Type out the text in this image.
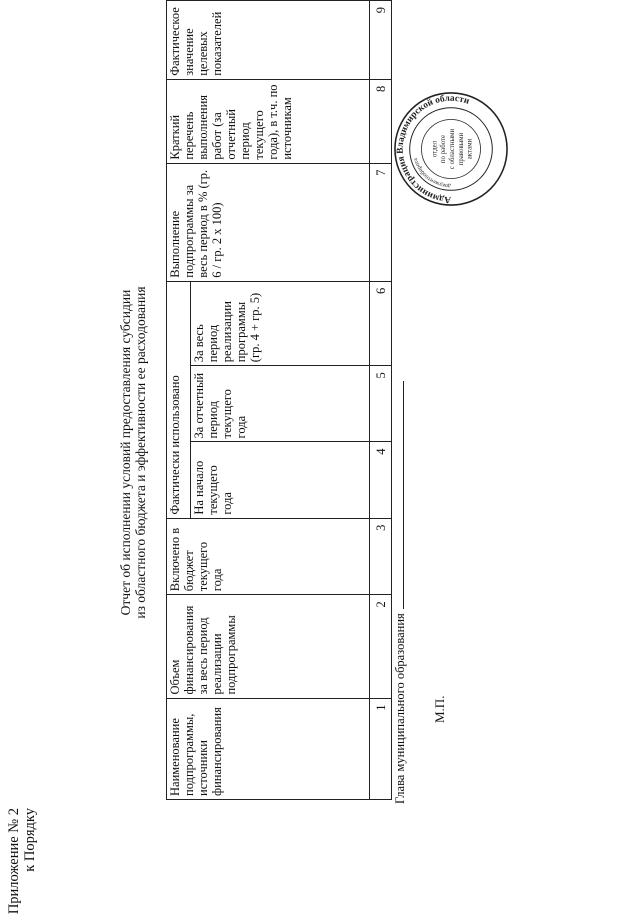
Приложение № 2 к Порядку
Отчет об исполнении условий предоставления субсидии из областного бюджета и эффективности ее расходования
Наименование подпрограммы, источники финансирования	Объем финансирования за весь период реализации подпрограммы	Включено в бюджет текущего года	Фактически использовано			Выполнение подпрограммы за весь период в % (гр. 6 / гр. 2 х 100)	Краткий перечень выполнения работ (за отчетный период текущего года), в т.ч. по источникам	Фактическое значение целевых показателей
			На начало текущего года	За отчетный период текущего года	За весь период реализации программы (гр. 4 + гр. 5)			
1	2	3	4	5	6	7	8	9
Глава муниципального образования М.П.
Администрация Владимирской области
документооборота
отдел по работе с областными правовыми актами
